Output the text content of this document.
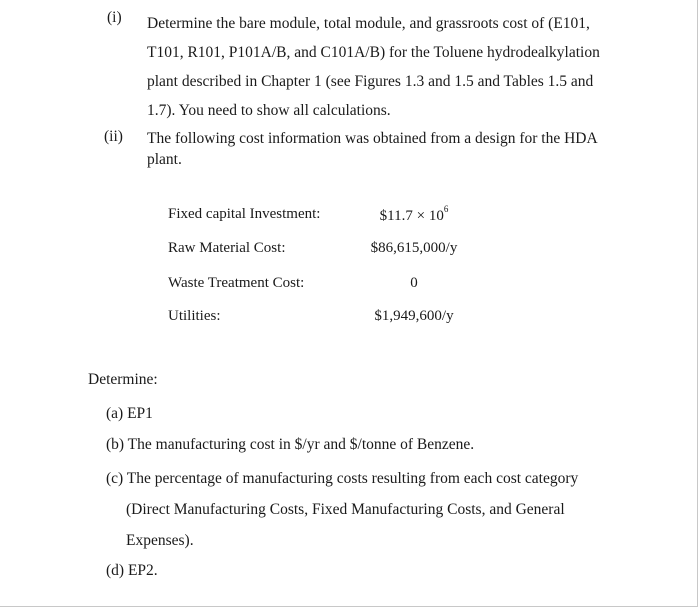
(i)	Determine the bare module, total module, and grassroots cost of (E101,
T101, R101, P101A/B, and C101A/B) for the Toluene hydrodealkylation
plant described in Chapter 1 (see Figures 1.3 and 1.5 and Tables 1.5 and
1.7). You need to show all calculations.
(ii)	The following cost information was obtained from a design for the HDA
plant.
Fixed capital Investment:	$11.7 × $10^6$
Raw Material Cost:	$86,615,000/y
Waste Treatment Cost:	0
Utilities:	$1,949,600/y
Determine:
(a) EP1
(b) The manufacturing cost in $/yr and $/tonne of Benzene.
(c) The percentage of manufacturing costs resulting from each cost category
(Direct Manufacturing Costs, Fixed Manufacturing Costs, and General
Expenses).
(d) EP2.
